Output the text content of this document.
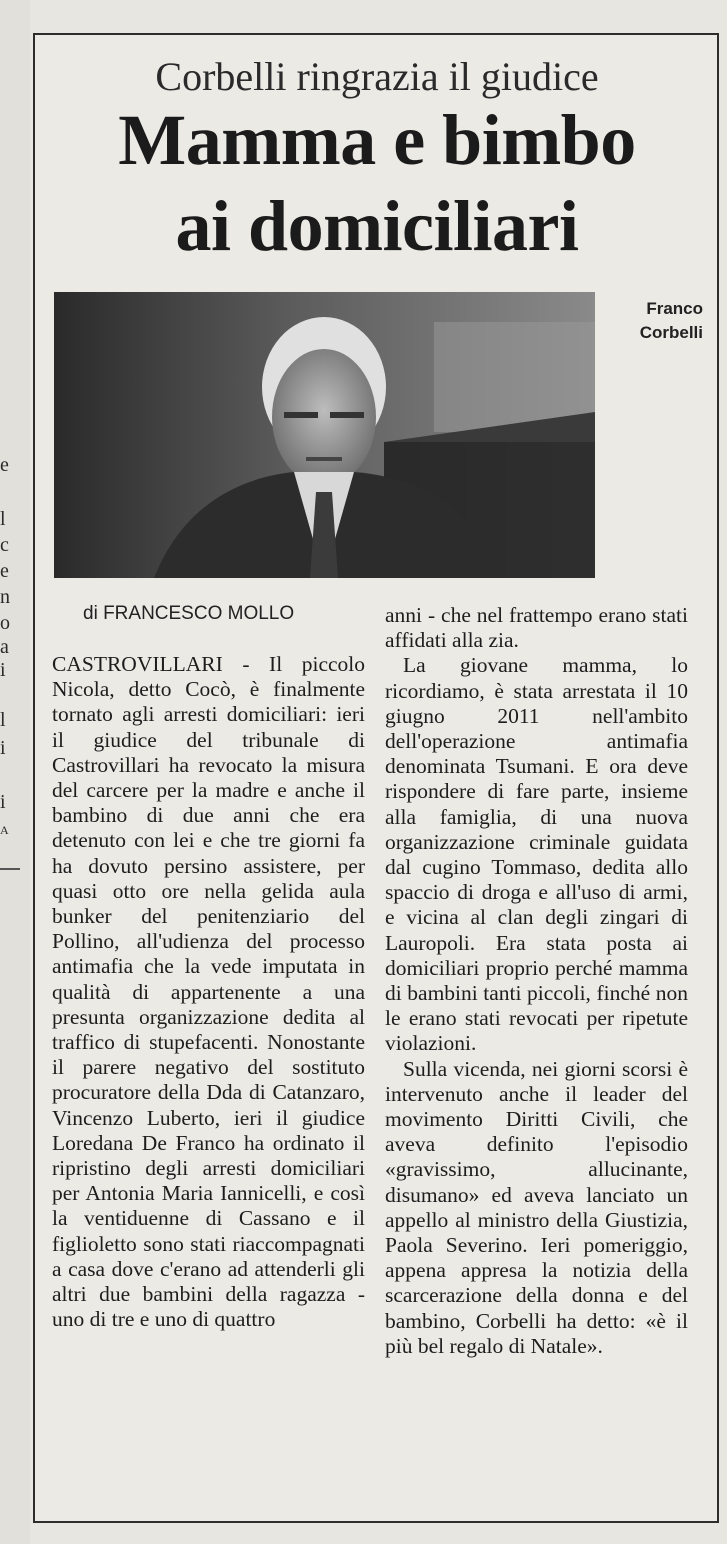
e
l
c
e
n
o
a
i
l
i
i
A
Corbelli ringrazia il giudice
Mamma e bimbo
ai domiciliari
Franco
Corbelli
di FRANCESCO MOLLO

CASTROVILLARI - Il piccolo Nicola, detto Cocò, è finalmente tornato agli arresti domiciliari: ieri il giudice del tribunale di Castrovillari ha revocato la misura del carcere per la madre e anche il bambino di due anni che era detenuto con lei e che tre giorni fa ha dovuto persino assistere, per quasi otto ore nella gelida aula bunker del penitenziario del Pollino, all'udienza del processo antimafia che la vede imputata in qualità di appartenente a una presunta organizzazione dedita al traffico di stupefacenti. Nonostante il parere negativo del sostituto procuratore della Dda di Catanzaro, Vincenzo Luberto, ieri il giudice Loredana De Franco ha ordinato il ripristino degli arresti domiciliari per Antonia Maria Iannicelli, e così la ventiduenne di Cassano e il figlioletto sono stati riaccompagnati a casa dove c'erano ad attenderli gli altri due bambini della ragazza - uno di tre e uno di quattro

anni - che nel frattempo erano stati affidati alla zia.

La giovane mamma, lo ricordiamo, è stata arrestata il 10 giugno 2011 nell'ambito dell'operazione antimafia denominata Tsumani. E ora deve rispondere di fare parte, insieme alla famiglia, di una nuova organizzazione criminale guidata dal cugino Tommaso, dedita allo spaccio di droga e all'uso di armi, e vicina al clan degli zingari di Lauropoli. Era stata posta ai domiciliari proprio perché mamma di bambini tanti piccoli, finché non le erano stati revocati per ripetute violazioni.

Sulla vicenda, nei giorni scorsi è intervenuto anche il leader del movimento Diritti Civili, che aveva definito l'episodio «gravissimo, allucinante, disumano» ed aveva lanciato un appello al ministro della Giustizia, Paola Severino. Ieri pomeriggio, appena appresa la notizia della scarcerazione della donna e del bambino, Corbelli ha detto: «è il più bel regalo di Natale».
